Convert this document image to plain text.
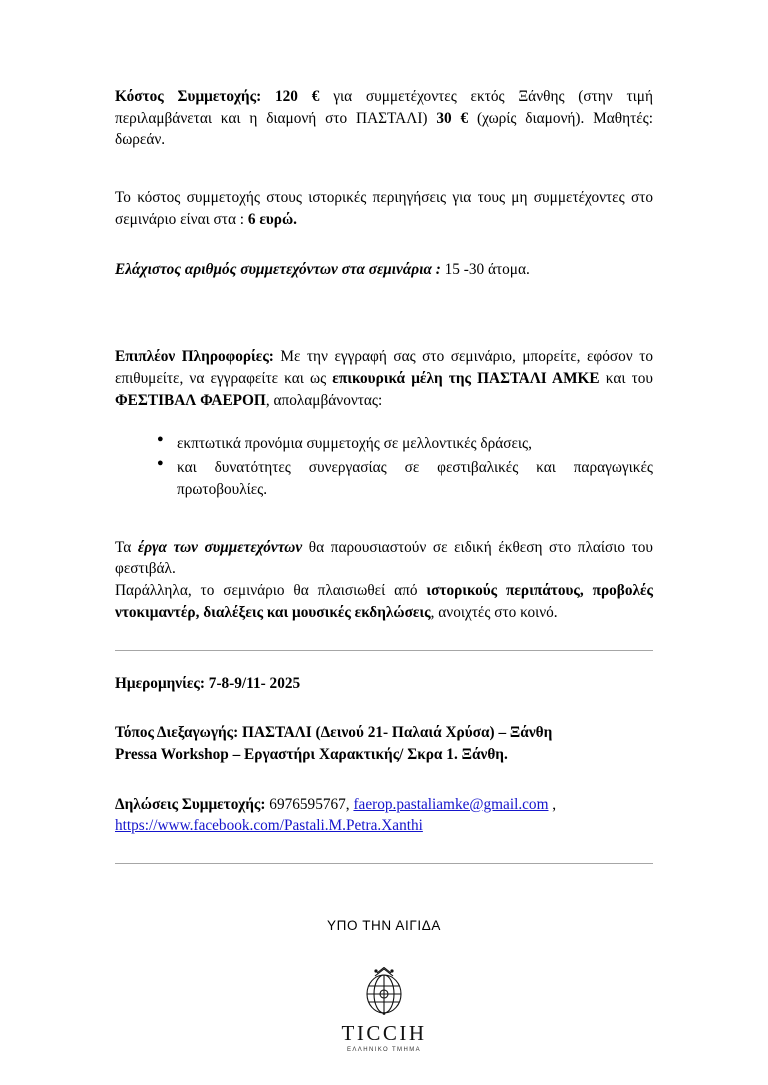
Κόστος Συμμετοχής: 120 € για συμμετέχοντες εκτός Ξάνθης (στην τιμή περιλαμβάνεται και η διαμονή στο ΠΑΣΤΑΛΙ) 30 € (χωρίς διαμονή). Μαθητές: δωρεάν.

Το κόστος συμμετοχής στους ιστορικές περιηγήσεις για τους μη συμμετέχοντες στο σεμινάριο είναι στα : 6 ευρώ.

Ελάχιστος αριθμός συμμετεχόντων στα σεμινάρια : 15 -30 άτομα.

Επιπλέον Πληροφορίες: Με την εγγραφή σας στο σεμινάριο, μπορείτε, εφόσον το επιθυμείτε, να εγγραφείτε και ως επικουρικά μέλη της ΠΑΣΤΑΛΙ ΑΜΚΕ και του ΦΕΣΤΙΒΑΛ ΦΑΕΡΟΠ, απολαμβάνοντας:

● εκπτωτικά προνόμια συμμετοχής σε μελλοντικές δράσεις,
● και δυνατότητες συνεργασίας σε φεστιβαλικές και παραγωγικές πρωτοβουλίες.

Τα έργα των συμμετεχόντων θα παρουσιαστούν σε ειδική έκθεση στο πλαίσιο του φεστιβάλ.

Παράλληλα, το σεμινάριο θα πλαισιωθεί από ιστορικούς περιπάτους, προβολές ντοκιμαντέρ, διαλέξεις και μουσικές εκδηλώσεις, ανοιχτές στο κοινό.

Ημερομηνίες: 7-8-9/11- 2025

Τόπος Διεξαγωγής: ΠΑΣΤΑΛΙ (Δεινού 21- Παλαιά Χρύσα) – Ξάνθη

Pressa Workshop – Εργαστήρι Χαρακτικής/ Σκρα 1. Ξάνθη.

Δηλώσεις Συμμετοχής: 6976595767, faerop.pastaliamke@gmail.com ,

https://www.facebook.com/Pastali.M.Petra.Xanthi

ΥΠΟ ΤΗΝ ΑΙΓΙΔΑ
TICCIH
ΕΛΛΗΝΙΚΟ ΤΜΗΜΑ
